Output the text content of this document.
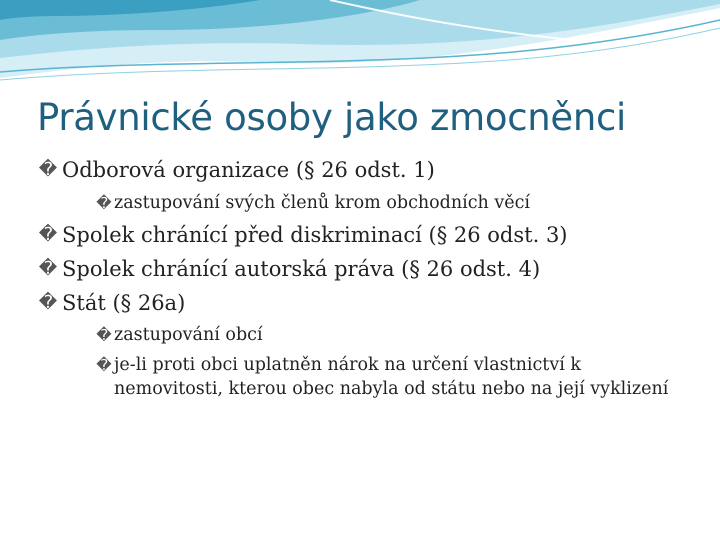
Právnické osoby jako zmocněnci

� Odborová organizace (§ 26 odst. 1)

� zastupování svých členů krom obchodních věcí

� Spolek chránící před diskriminací (§ 26 odst. 3)

� Spolek chránící autorská práva (§ 26 odst. 4)

� Stát (§ 26a)

� zastupování obcí

� je-li proti obci uplatněn nárok na určení vlastnictví k nemovitosti, kterou obec nabyla od státu nebo na její vyklizení
